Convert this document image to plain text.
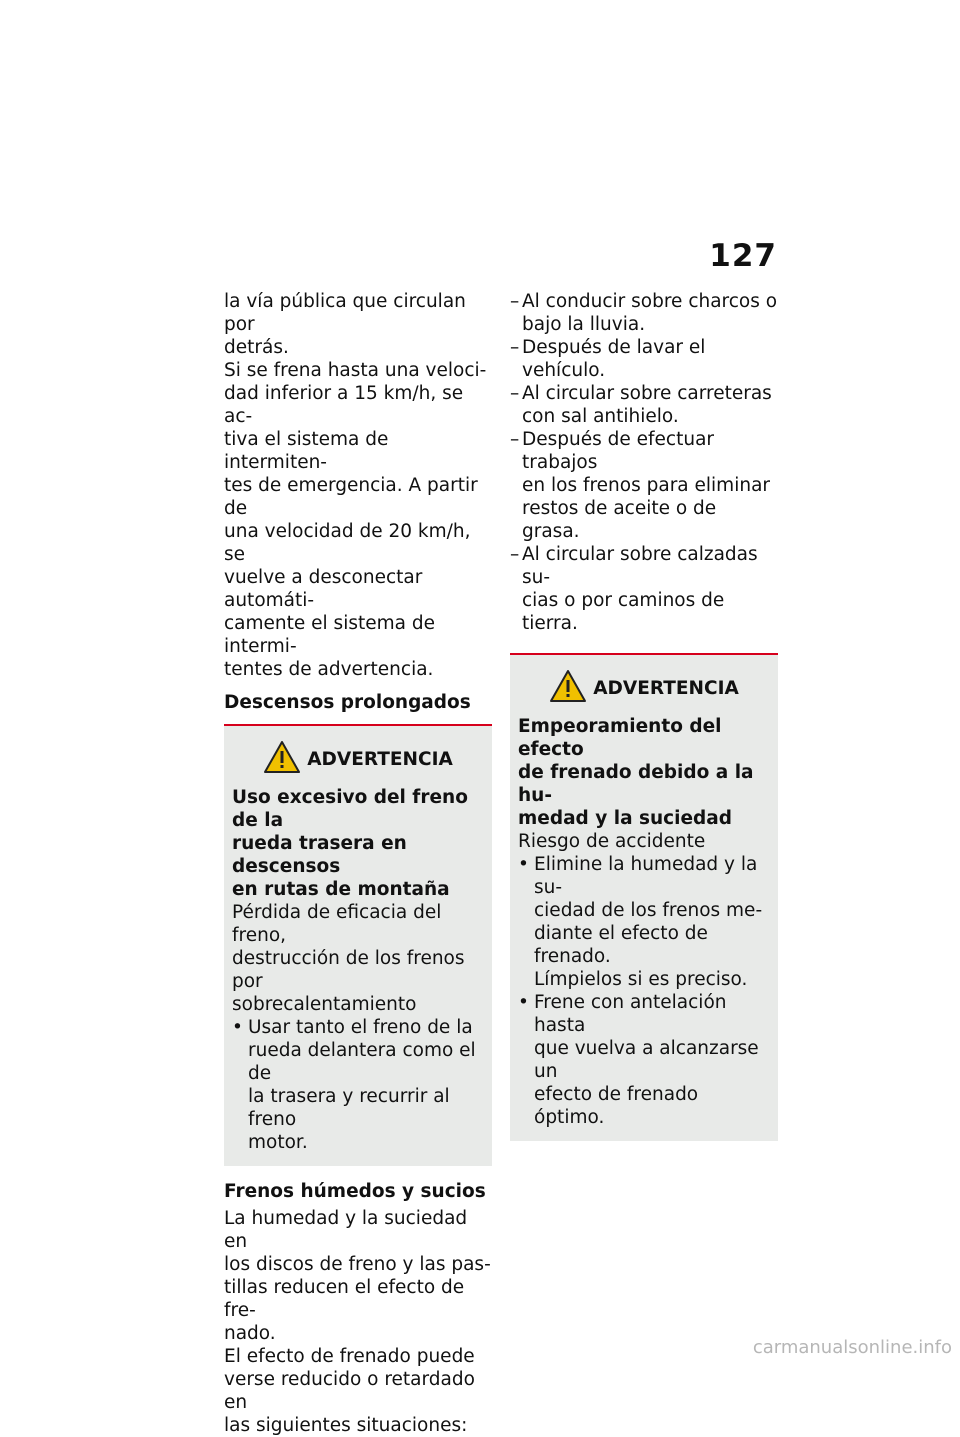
127

la vía pública que circulan por

detrás.

Si se frena hasta una veloci-

dad inferior a 15 km/h, se ac-

tiva el sistema de intermiten-

tes de emergencia. A partir de

una velocidad de 20 km/h, se

vuelve a desconectar automáti-

camente el sistema de intermi-

tentes de advertencia.

Descensos prolongados
ADVERTENCIA

Uso excesivo del freno de la

rueda trasera en descensos

en rutas de montaña

Pérdida de eficacia del freno,

destrucción de los frenos por

sobrecalentamiento

• Usar tanto el freno de la
rueda delantera como el de
la trasera y recurrir al freno
motor.
Frenos húmedos y sucios

La humedad y la suciedad en

los discos de freno y las pas-

tillas reducen el efecto de fre-

nado.

El efecto de frenado puede

verse reducido o retardado en

las siguientes situaciones:

– Al conducir sobre charcos o
bajo la lluvia.
– Después de lavar el vehículo.
– Al circular sobre carreteras
con sal antihielo.
– Después de efectuar trabajos
en los frenos para eliminar
restos de aceite o de grasa.
– Al circular sobre calzadas su-
cias o por caminos de tierra.
ADVERTENCIA

Empeoramiento del efecto

de frenado debido a la hu-

medad y la suciedad

Riesgo de accidente

• Elimine la humedad y la su-
ciedad de los frenos me-
diante el efecto de frenado.
Límpielos si es preciso.
• Frene con antelación hasta
que vuelva a alcanzarse un
efecto de frenado óptimo.
carmanualsonline.info
